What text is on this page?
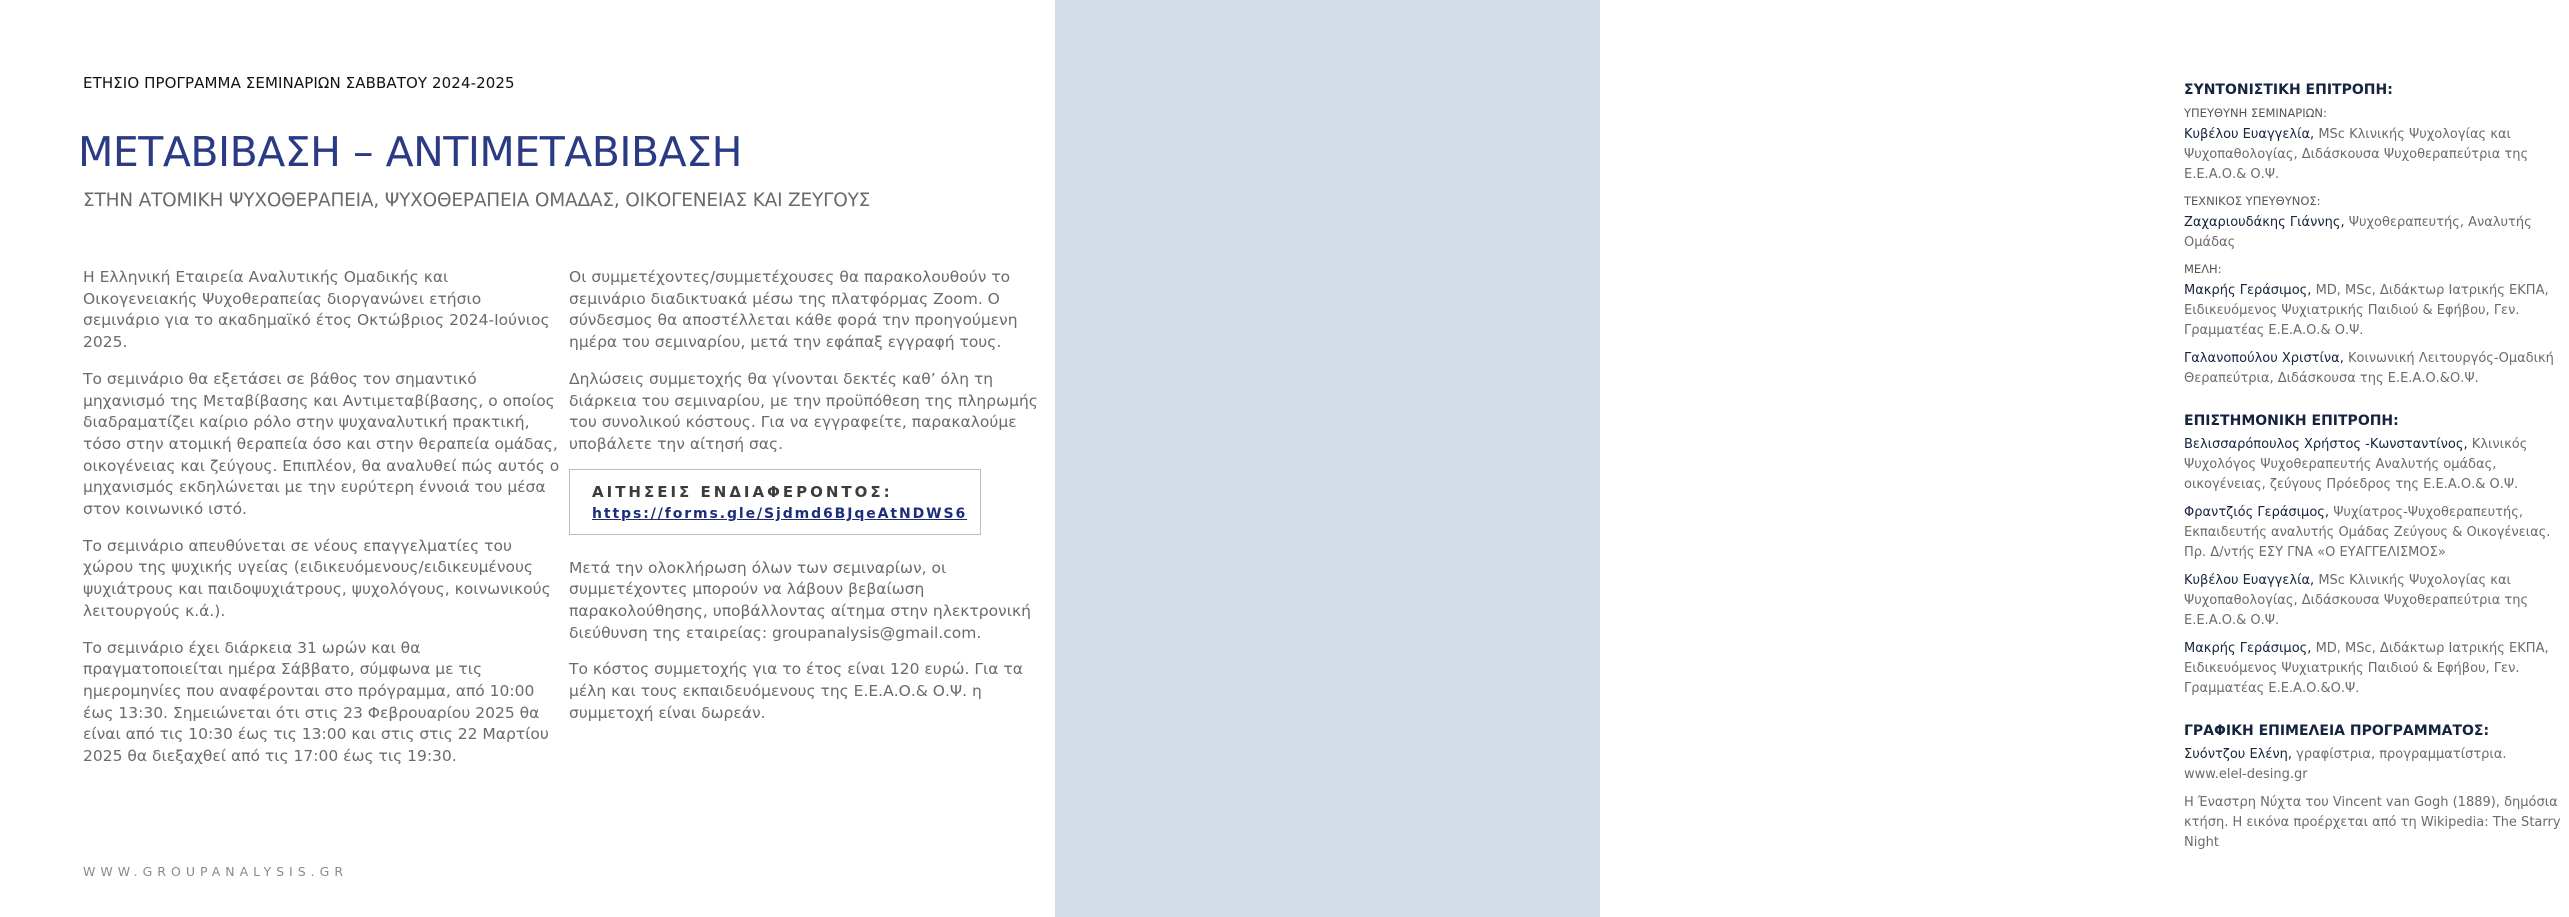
ΕΤΗΣΙΟ ΠΡΟΓΡΑΜΜΑ ΣΕΜΙΝΑΡΙΩΝ ΣΑΒΒΑΤΟΥ 2024-2025
ΜΕΤΑΒΙΒΑΣΗ – ΑΝΤΙΜΕΤΑΒΙΒΑΣΗ
ΣΤΗΝ ΑΤΟΜΙΚΗ ΨΥΧΟΘΕΡΑΠΕΙΑ, ΨΥΧΟΘΕΡΑΠΕΙΑ ΟΜΑΔΑΣ, ΟΙΚΟΓΕΝΕΙΑΣ ΚΑΙ ΖΕΥΓΟΥΣ

Η Ελληνική Εταιρεία Αναλυτικής Ομαδικής και Οικογενειακής Ψυχοθεραπείας διοργανώνει ετήσιο σεμινάριο για το ακαδημαϊκό έτος Οκτώβριος 2024-Ιούνιος 2025.

Το σεμινάριο θα εξετάσει σε βάθος τον σημαντικό μηχανισμό της Μεταβίβασης και Αντιμεταβίβασης, ο οποίος διαδραματίζει καίριο ρόλο στην ψυχαναλυτική πρακτική, τόσο στην ατομική θεραπεία όσο και στην θεραπεία ομάδας, οικογένειας και ζεύγους. Επιπλέον, θα αναλυθεί πώς αυτός ο μηχανισμός εκδηλώνεται με την ευρύτερη έννοιά του μέσα στον κοινωνικό ιστό.

Το σεμινάριο απευθύνεται σε νέους επαγγελματίες του χώρου της ψυχικής υγείας (ειδικευόμενους/ειδικευμένους ψυχιάτρους και παιδοψυχιάτρους, ψυχολόγους, κοινωνικούς λειτουργούς κ.ά.).

Το σεμινάριο έχει διάρκεια 31 ωρών και θα πραγματοποιείται ημέρα Σάββατο, σύμφωνα με τις ημερομηνίες που αναφέρονται στο πρόγραμμα, από 10:00 έως 13:30. Σημειώνεται ότι στις 23 Φεβρουαρίου 2025 θα είναι από τις 10:30 έως τις 13:00 και στις στις 22 Μαρτίου 2025 θα διεξαχθεί από τις 17:00 έως τις 19:30.

Οι συμμετέχοντες/συμμετέχουσες θα παρακολουθούν το σεμινάριο διαδικτυακά μέσω της πλατφόρμας Zoom. Ο σύνδεσμος θα αποστέλλεται κάθε φορά την προηγούμενη ημέρα του σεμιναρίου, μετά την εφάπαξ εγγραφή τους.

Δηλώσεις συμμετοχής θα γίνονται δεκτές καθ’ όλη τη διάρκεια του σεμιναρίου, με την προϋπόθεση της πληρωμής του συνολικού κόστους. Για να εγγραφείτε, παρακαλούμε υποβάλετε την αίτησή σας.

ΑΙΤΗΣΕΙΣ ΕΝΔΙΑΦΕΡΟΝΤΟΣ:
https://forms.gle/Sjdmd6BJqeAtNDWS6

Μετά την ολοκλήρωση όλων των σεμιναρίων, οι συμμετέχοντες μπορούν να λάβουν βεβαίωση παρακολούθησης, υποβάλλοντας αίτημα στην ηλεκτρονική διεύθυνση της εταιρείας: groupanalysis@gmail.com.

Το κόστος συμμετοχής για το έτος είναι 120 ευρώ. Για τα μέλη και τους εκπαιδευόμενους της Ε.Ε.Α.Ο.& Ο.Ψ. η συμμετοχή είναι δωρεάν.

WWW.GROUPANALYSIS.GR
ΣΥΝΤΟΝΙΣΤΙΚΗ ΕΠΙΤΡΟΠΗ:
ΥΠΕΥΘΥΝΗ ΣΕΜΙΝΑΡΙΩΝ:
Κυβέλου Ευαγγελία, MSc Κλινικής Ψυχολογίας και Ψυχοπαθολογίας, Διδάσκουσα Ψυχοθεραπεύτρια της Ε.Ε.Α.Ο.& Ο.Ψ.
ΤΕΧΝΙΚΟΣ ΥΠΕΥΘΥΝΟΣ:
Ζαχαριουδάκης Γιάννης, Ψυχοθεραπευτής, Αναλυτής Ομάδας
ΜΕΛΗ:
Μακρής Γεράσιμος, MD, MSc, Διδάκτωρ Ιατρικής ΕΚΠΑ, Ειδικευόμενος Ψυχιατρικής Παιδιού & Εφήβου, Γεν. Γραμματέας Ε.Ε.Α.Ο.& Ο.Ψ.
Γαλανοπούλου Χριστίνα, Κοινωνική Λειτουργός-Ομαδική Θεραπεύτρια, Διδάσκουσα της Ε.Ε.Α.Ο.&Ο.Ψ.
ΕΠΙΣΤΗΜΟΝΙΚΗ ΕΠΙΤΡΟΠΗ:
Βελισσαρόπουλος Χρήστος -Κωνσταντίνος, Κλινικός Ψυχολόγος Ψυχοθεραπευτής Αναλυτής ομάδας, οικογένειας, ζεύγους Πρόεδρος της Ε.Ε.Α.Ο.& Ο.Ψ.
Φραντζιός Γεράσιμος, Ψυχίατρος-Ψυχοθεραπευτής, Εκπαιδευτής αναλυτής Ομάδας Ζεύγους & Οικογένειας. Πρ. Δ/ντής ΕΣΥ ΓΝΑ «Ο ΕΥΑΓΓΕΛΙΣΜΟΣ»
Κυβέλου Ευαγγελία, MSc Κλινικής Ψυχολογίας και Ψυχοπαθολογίας, Διδάσκουσα Ψυχοθεραπεύτρια της Ε.Ε.Α.Ο.& Ο.Ψ.
Μακρής Γεράσιμος, MD, MSc, Διδάκτωρ Ιατρικής ΕΚΠΑ, Ειδικευόμενος Ψυχιατρικής Παιδιού & Εφήβου, Γεν. Γραμματέας Ε.Ε.Α.Ο.&Ο.Ψ.
ΓΡΑΦΙΚΗ ΕΠΙΜΕΛΕΙΑ ΠΡΟΓΡΑΜΜΑΤΟΣ:
Συόντζου Ελένη, γραφίστρια, προγραμματίστρια.
www.elel-desing.gr
Η Έναστρη Νύχτα του Vincent van Gogh (1889), δημόσια κτήση. Η εικόνα προέρχεται από τη Wikipedia: The Starry Night
